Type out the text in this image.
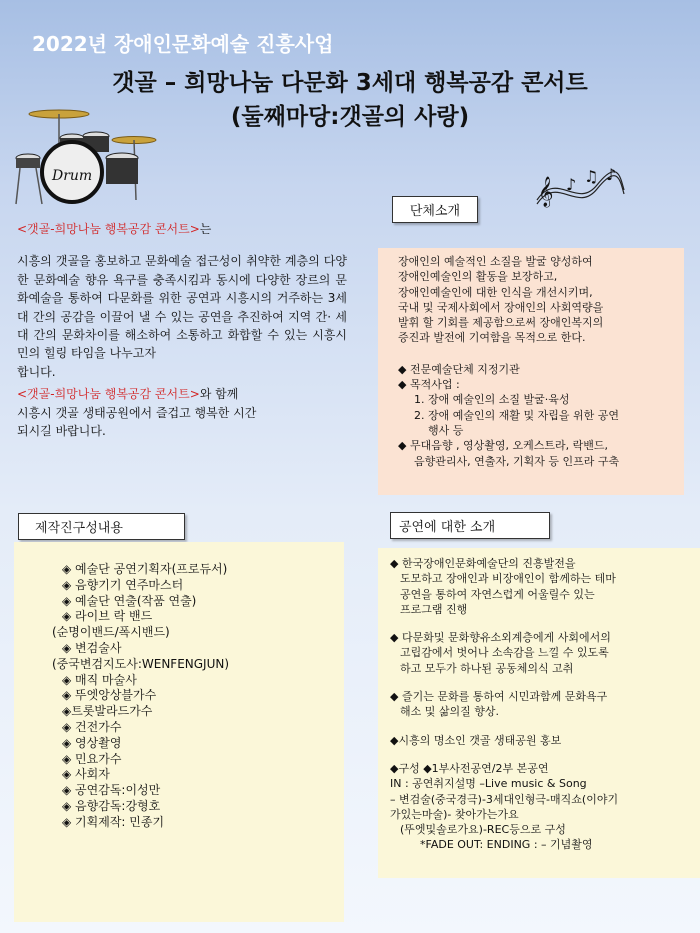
2022년 장애인문화예술 진흥사업
갯골 – 희망나눔 다문화 3세대 행복공감 콘서트
(둘째마당:갯골의 사랑)
Drum
𝄞 ♪ ♫ ♪

<갯골-희망나눔 행복공감 콘서트>는

시흥의 갯골을 홍보하고 문화예술 접근성이 취약한 계층의 다양한 문화예술 향유 욕구를 충족시킴과 동시에 다양한 장르의 문화예술을 통하여 다문화를 위한 공연과 시흥시의 거주하는 3세대 간의 공감을 이끌어 낼 수 있는 공연을 추진하여 지역 간· 세대 간의 문화차이를 해소하여 소통하고 화합할 수 있는 시흥시민의 힐링 타임을 나누고자

합니다.

<갯골-희망나눔 행복공감 콘서트>와 함께

시흥시 갯골 생태공원에서 즐겁고 행복한 시간

되시길 바랍니다.

단체소개

장애인의 예술적인 소질을 발굴 양성하여

장애인예술인의 활동을 보장하고,

장애인예술인에 대한 인식을 개선시키며,

국내 및 국제사회에서 장애인의 사회역량을

발휘 할 기회를 제공함으로써 장애인복지의

증진과 발전에 기여함을 목적으로 한다.

◆ 전문예술단체 지정기관

◆ 목적사업 :

1. 장애 예술인의 소질 발굴·육성

2. 장애 예술인의 재활 및 자립을 위한 공연

행사 등

◆ 무대음향 , 영상촬영, 오케스트라, 락밴드,

음향관리사, 연출자, 기획자 등 인프라 구축

제작진구성내용

◈ 예술단 공연기획자(프로듀서)

◈ 음향기기 연주마스터

◈ 예술단 연출(작품 연출)

◈ 라이브 락 밴드

(순명이밴드/폭시밴드)

◈ 변검술사

(중국변검지도사:WENFENGJUN)

◈ 매직 마술사

◈ 뚜엣앙상블가수

◈트롯발라드가수

◈ 건전가수

◈ 영상촬영

◈ 민요가수

◈ 사회자

◈ 공연감독:이성만

◈ 음향감독:강형호

◈ 기획제작: 민종기

공연에 대한 소개

◆ 한국장애인문화예술단의 진흥발전을

도모하고 장애인과 비장애인이 함께하는 테마

공연을 통하여 자연스럽게 어울릴수 있는

프로그램 진행

◆ 다문화및 문화향유소외계층에게 사회에서의

고립감에서 벗어나 소속감을 느낄 수 있도록

하고 모두가 하나된 공동체의식 고취

◆ 즐기는 문화를 통하여 시민과함께 문화욕구

해소 및 삶의질 향상.

◆시흥의 명소인 갯골 생태공원 홍보

◆구성 ◆1부사전공연/2부 본공연

IN : 공연취지설명 –Live music & Song

– 변검술(중국경극)-3세대인형극-매직쇼(이야기

가있는마술)- 찾아가는가요

(뚜엣및솔로가요)-REC등으로 구성

*FADE OUT: ENDING : – 기념촬영
